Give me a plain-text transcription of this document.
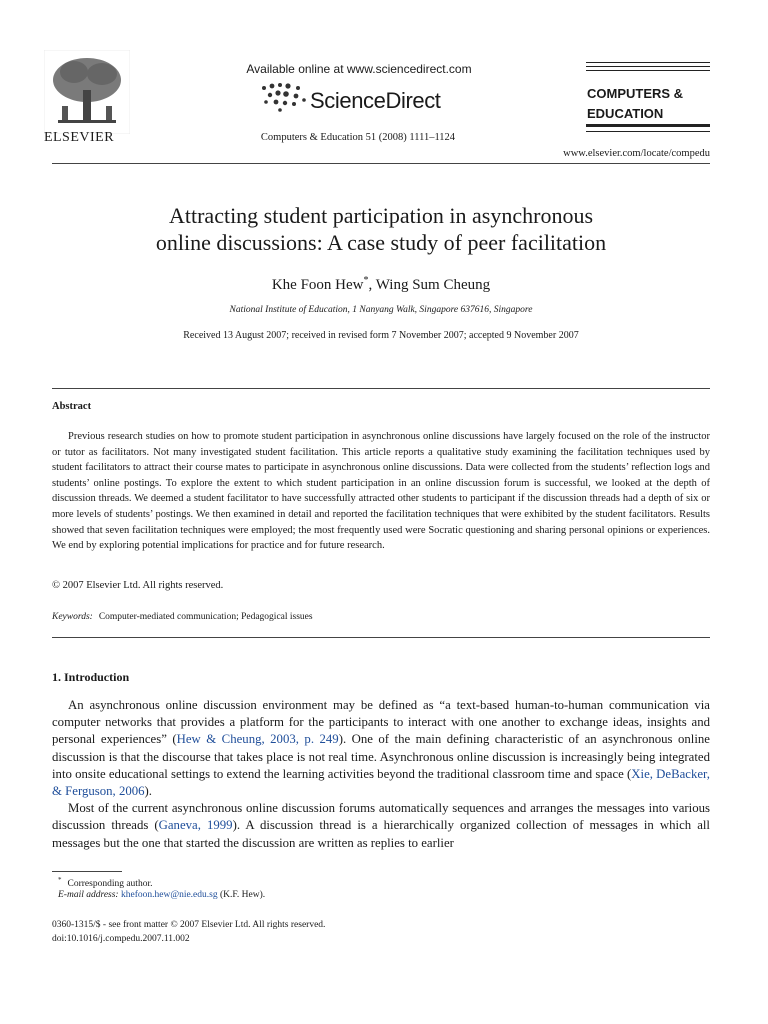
ELSEVIER
Available online at www.sciencedirect.com
ScienceDirect
Computers & Education 51 (2008) 1111–1124
COMPUTERS &
EDUCATION
www.elsevier.com/locate/compedu
Attracting student participation in asynchronous
online discussions: A case study of peer facilitation
Khe Foon Hew*, Wing Sum Cheung
National Institute of Education, 1 Nanyang Walk, Singapore 637616, Singapore
Received 13 August 2007; received in revised form 7 November 2007; accepted 9 November 2007
Abstract

Previous research studies on how to promote student participation in asynchronous online discussions have largely focused on the role of the instructor or tutor as facilitators. Not many investigated student facilitation. This article reports a qualitative study examining the facilitation techniques used by student facilitators to attract their course mates to participate in asynchronous online discussions. Data were collected from the students’ reflection logs and students’ online postings. To explore the extent to which student participation in an online discussion forum is successful, we looked at the depth of discussion threads. We deemed a student facilitator to have successfully attracted other students to participant if the discussion threads had a depth of six or more levels of students’ postings. We then examined in detail and reported the facilitation techniques that were exhibited by the student facilitators. Results showed that seven facilitation techniques were employed; the most frequently used were Socratic questioning and sharing personal opinions or experiences. We end by exploring potential implications for practice and for future research.

© 2007 Elsevier Ltd. All rights reserved.
Keywords: Computer-mediated communication; Pedagogical issues
1. Introduction

An asynchronous online discussion environment may be defined as “a text-based human-to-human communication via computer networks that provides a platform for the participants to interact with one another to exchange ideas, insights and personal experiences” (Hew & Cheung, 2003, p. 249). One of the main defining characteristic of an asynchronous online discussion is that the discourse that takes place is not real time. Asynchronous online discussion is increasingly being integrated into onsite educational settings to extend the learning activities beyond the traditional classroom time and space (Xie, DeBacker, & Ferguson, 2006).

Most of the current asynchronous online discussion forums automatically sequences and arranges the messages into various discussion threads (Ganeva, 1999). A discussion thread is a hierarchically organized collection of messages in which all messages but the one that started the discussion are written as replies to earlier

* Corresponding author.
E-mail address: khefoon.hew@nie.edu.sg (K.F. Hew).
0360-1315/$ - see front matter © 2007 Elsevier Ltd. All rights reserved.
doi:10.1016/j.compedu.2007.11.002
